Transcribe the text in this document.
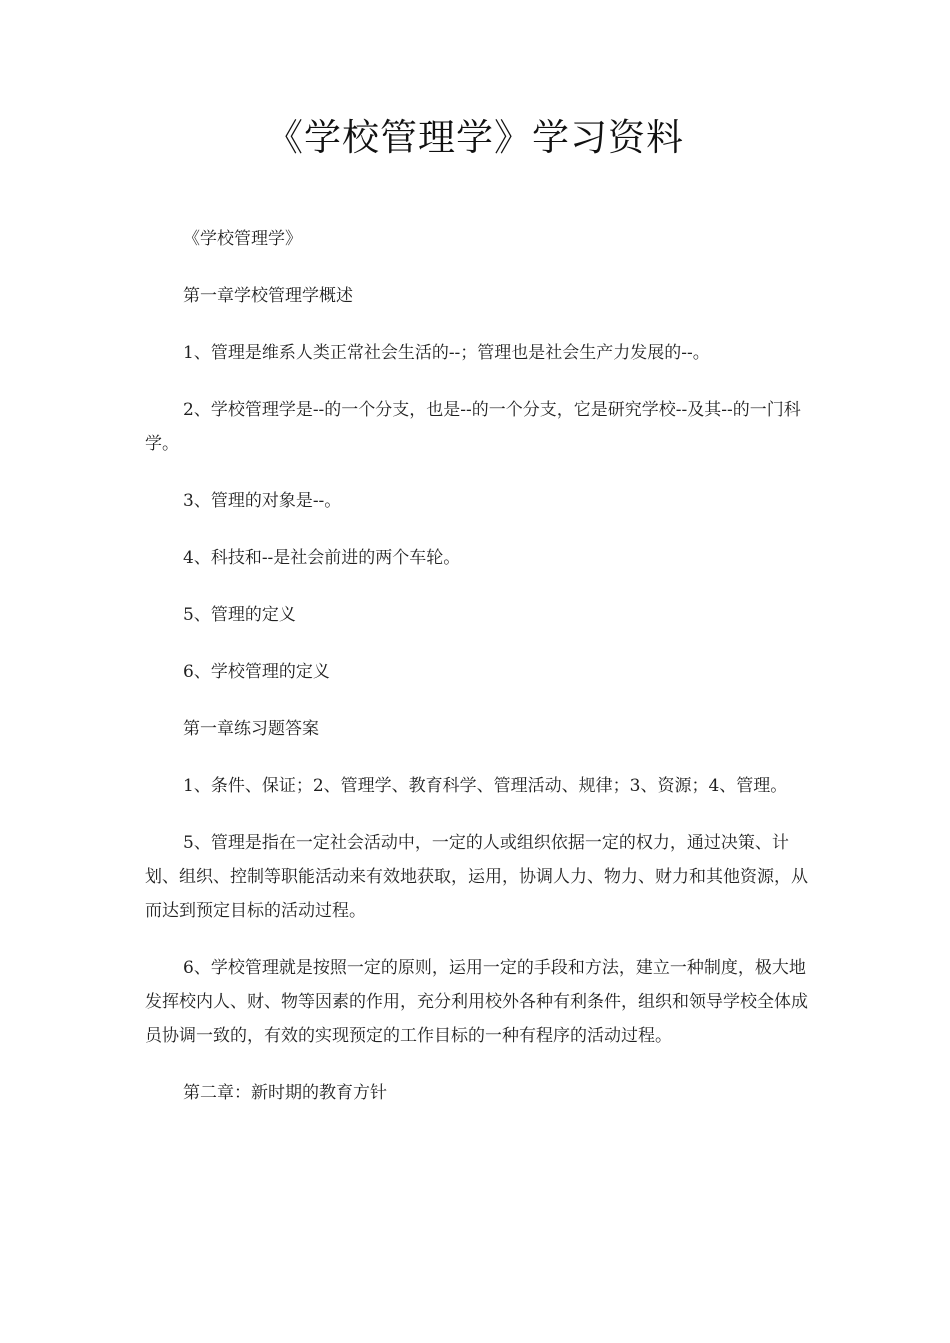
《学校管理学》学习资料

《学校管理学》

第一章学校管理学概述

1、管理是维系人类正常社会生活的--；管理也是社会生产力发展的--。

2、学校管理学是--的一个分支，也是--的一个分支，它是研究学校--及其--的一门科学。

3、管理的对象是--。

4、科技和--是社会前进的两个车轮。

5、管理的定义

6、学校管理的定义

第一章练习题答案

1、条件、保证；2、管理学、教育科学、管理活动、规律；3、资源；4、管理。

5、管理是指在一定社会活动中，一定的人或组织依据一定的权力，通过决策、计划、组织、控制等职能活动来有效地获取，运用，协调人力、物力、财力和其他资源，从而达到预定目标的活动过程。

6、学校管理就是按照一定的原则，运用一定的手段和方法，建立一种制度，极大地发挥校内人、财、物等因素的作用，充分利用校外各种有利条件，组织和领导学校全体成员协调一致的，有效的实现预定的工作目标的一种有程序的活动过程。

第二章：新时期的教育方针
